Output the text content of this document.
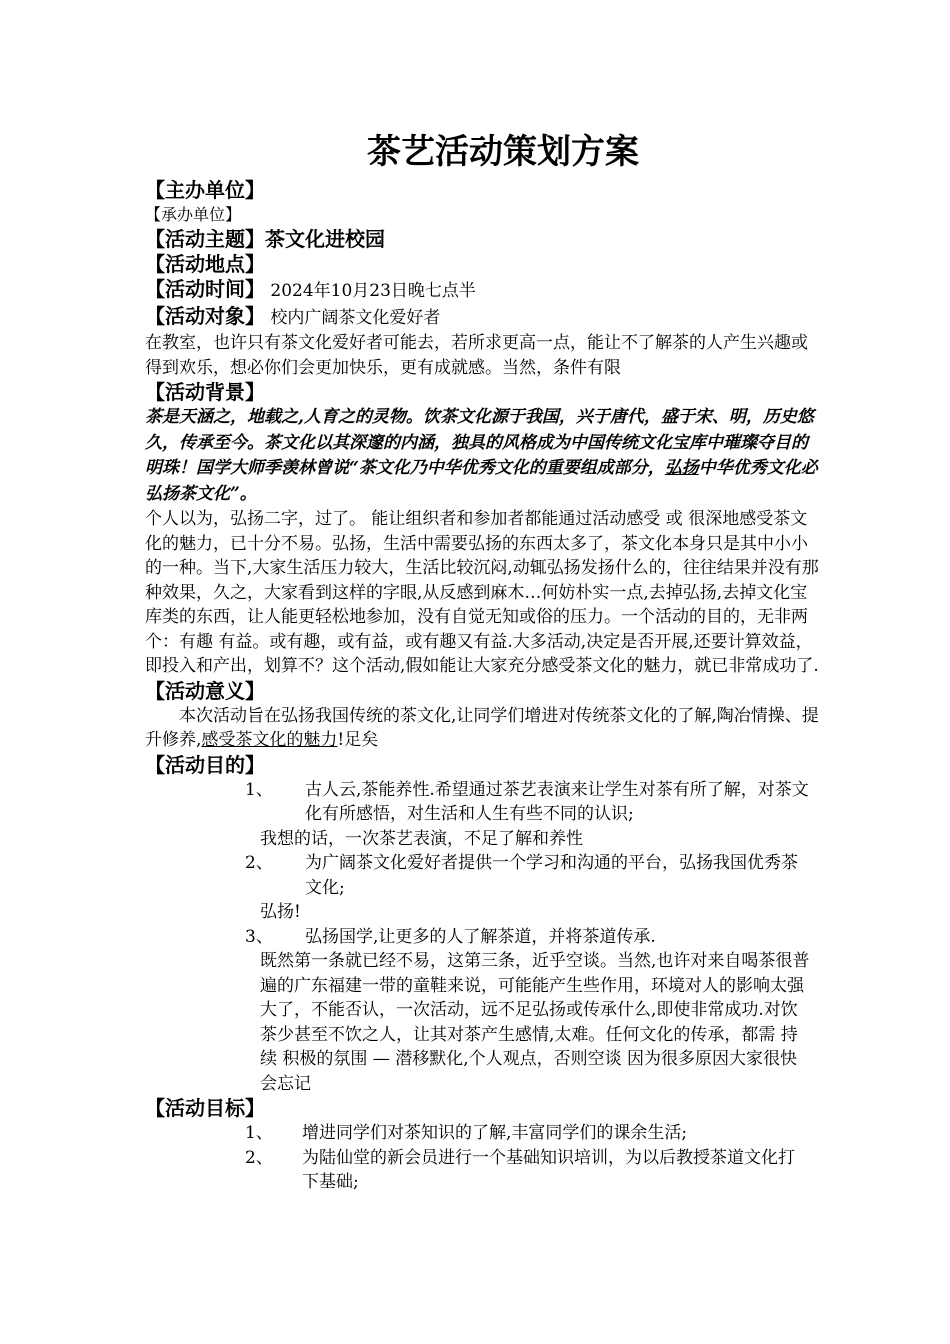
茶艺活动策划方案
【主办单位】
【承办单位】
【活动主题】茶文化进校园
【活动地点】
【活动时间】 2024年10月23日晚七点半
【活动对象】 校内广阔茶文化爱好者

在教室，也许只有茶文化爱好者可能去，若所求更高一点，能让不了解茶的人产生兴趣或得到欢乐，想必你们会更加快乐，更有成就感。当然，条件有限

【活动背景】

茶是天涵之，地载之,人育之的灵物。饮茶文化源于我国，兴于唐代，盛于宋、明，历史悠久，传承至今。茶文化以其深邃的内涵，独具的风格成为中国传统文化宝库中璀璨夺目的明珠！国学大师季羡林曾说“茶文化乃中华优秀文化的重要组成部分，弘扬中华优秀文化必弘扬茶文化”。

个人以为，弘扬二字，过了。 能让组织者和参加者都能通过活动感受 或 很深地感受茶文化的魅力，已十分不易。弘扬，生活中需要弘扬的东西太多了，茶文化本身只是其中小小的一种。当下,大家生活压力较大，生活比较沉闷,动辄弘扬发扬什么的，往往结果并没有那种效果，久之，大家看到这样的字眼,从反感到麻木…何妨朴实一点,去掉弘扬,去掉文化宝库类的东西，让人能更轻松地参加，没有自觉无知或俗的压力。一个活动的目的，无非两个：有趣 有益。或有趣，或有益，或有趣又有益.大多活动,决定是否开展,还要计算效益，即投入和产出，划算不？这个活动,假如能让大家充分感受茶文化的魅力，就已非常成功了.

【活动意义】

本次活动旨在弘扬我国传统的茶文化,让同学们增进对传统茶文化的了解,陶冶情操、提升修养,感受茶文化的魅力!足矣

【活动目的】
1、	古人云,茶能养性.希望通过茶艺表演来让学生对茶有所了解，对茶文化有所感悟，对生活和人生有些不同的认识;
我想的话，一次茶艺表演，不足了解和养性
2、	为广阔茶文化爱好者提供一个学习和沟通的平台，弘扬我国优秀茶文化;
弘扬!
3、	弘扬国学,让更多的人了解茶道，并将茶道传承.
既然第一条就已经不易，这第三条，近乎空谈。当然,也许对来自喝茶很普遍的广东福建一带的童鞋来说，可能能产生些作用，环境对人的影响太强大了，不能否认，一次活动，远不足弘扬或传承什么,即使非常成功.对饮茶少甚至不饮之人，让其对茶产生感情,太难。任何文化的传承，都需 持续 积极的氛围 — 潜移默化,个人观点，否则空谈 因为很多原因大家很快会忘记
【活动目标】
1、	增进同学们对茶知识的了解,丰富同学们的课余生活;
2、	为陆仙堂的新会员进行一个基础知识培训，为以后教授茶道文化打下基础;
